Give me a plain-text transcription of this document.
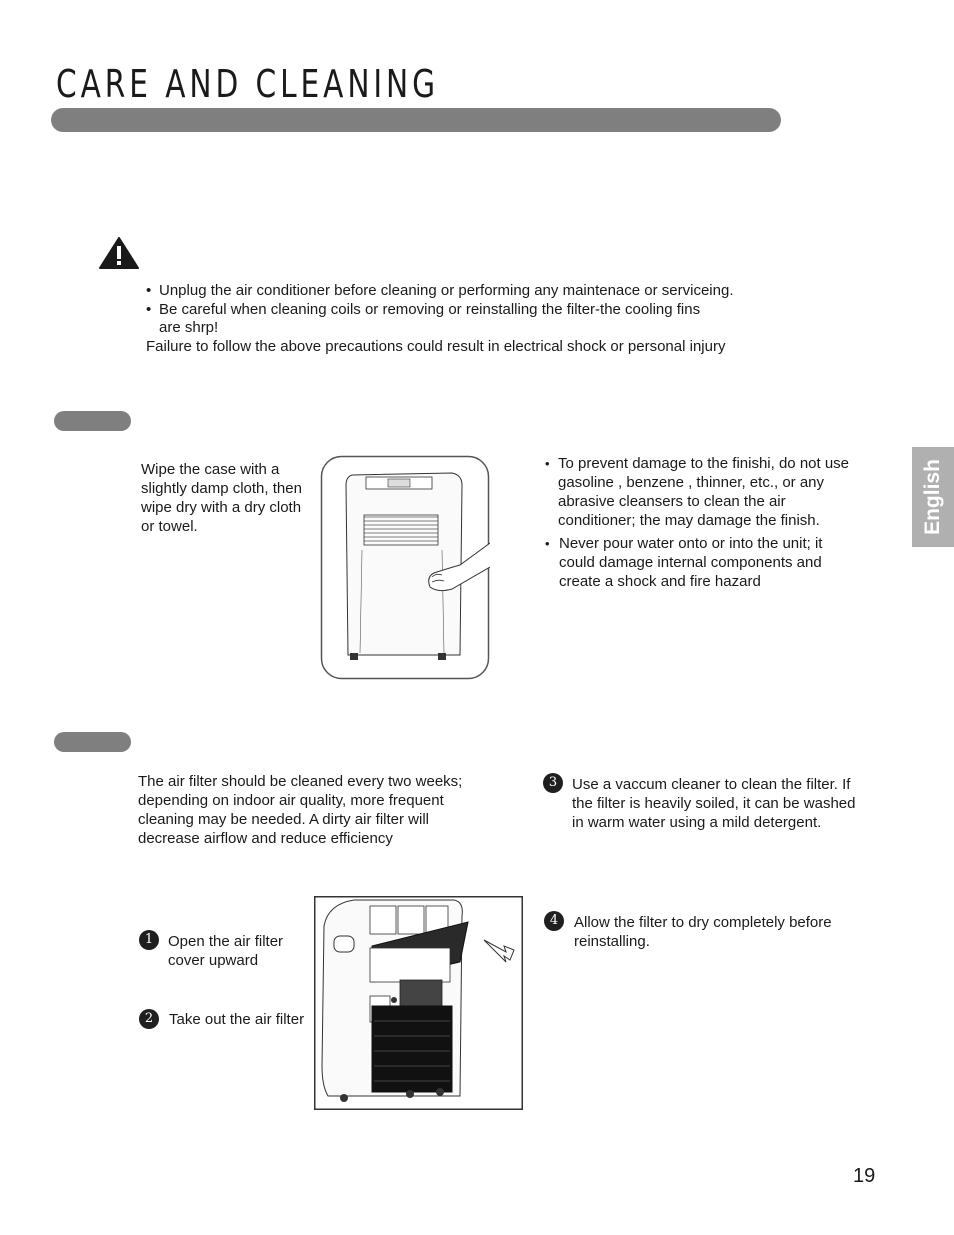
CARE AND CLEANING
English
• Unplug the air conditioner before cleaning or performing any maintenace or serviceing.
• Be careful when cleaning coils or removing or reinstalling the filter-the cooling fins
are shrp!
Failure to follow the above precautions could result in electrical shock or personal injury
Wipe the case with a
slightly damp cloth, then
wipe dry with a dry cloth
or towel.
• To prevent damage to the finishi, do not use
gasoline , benzene , thinner, etc., or any
abrasive cleansers to clean the air
conditioner; the may damage the finish.
• Never pour water onto or into the unit; it
could damage internal components and
create a shock and fire hazard
The air filter should be cleaned every two weeks;
depending on indoor air quality, more frequent
cleaning may be needed. A dirty air filter will
decrease airflow and reduce efficiency
1 Open the air filter
cover upward
2	Take out the air filter
3 Use a vaccum cleaner to clean the filter. If
the filter is heavily soiled, it can be washed
in warm water using a mild detergent.
4	Allow the filter to dry completely before
reinstalling.
19
